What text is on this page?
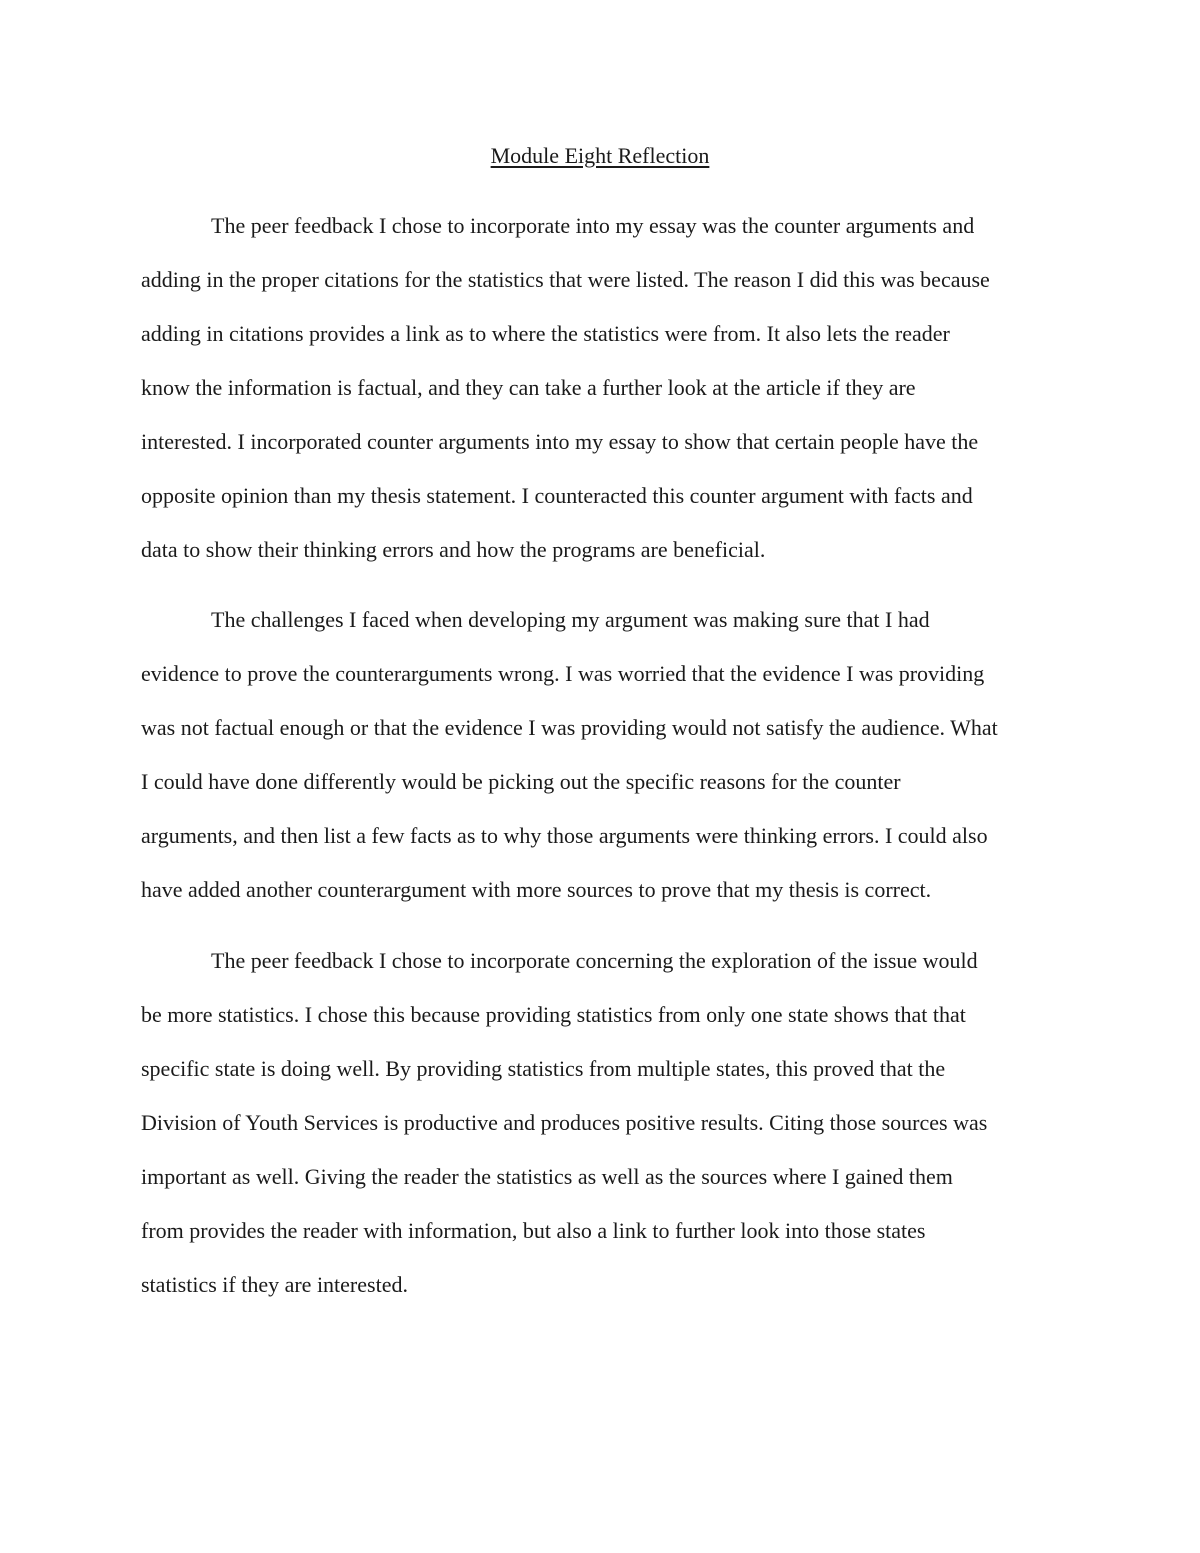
Module Eight Reflection
The peer feedback I chose to incorporate into my essay was the counter arguments and
adding in the proper citations for the statistics that were listed. The reason I did this was because
adding in citations provides a link as to where the statistics were from. It also lets the reader
know the information is factual, and they can take a further look at the article if they are
interested. I incorporated counter arguments into my essay to show that certain people have the
opposite opinion than my thesis statement. I counteracted this counter argument with facts and
data to show their thinking errors and how the programs are beneficial.
The challenges I faced when developing my argument was making sure that I had
evidence to prove the counterarguments wrong. I was worried that the evidence I was providing
was not factual enough or that the evidence I was providing would not satisfy the audience. What
I could have done differently would be picking out the specific reasons for the counter
arguments, and then list a few facts as to why those arguments were thinking errors. I could also
have added another counterargument with more sources to prove that my thesis is correct.
The peer feedback I chose to incorporate concerning the exploration of the issue would
be more statistics. I chose this because providing statistics from only one state shows that that
specific state is doing well. By providing statistics from multiple states, this proved that the
Division of Youth Services is productive and produces positive results. Citing those sources was
important as well. Giving the reader the statistics as well as the sources where I gained them
from provides the reader with information, but also a link to further look into those states
statistics if they are interested.
